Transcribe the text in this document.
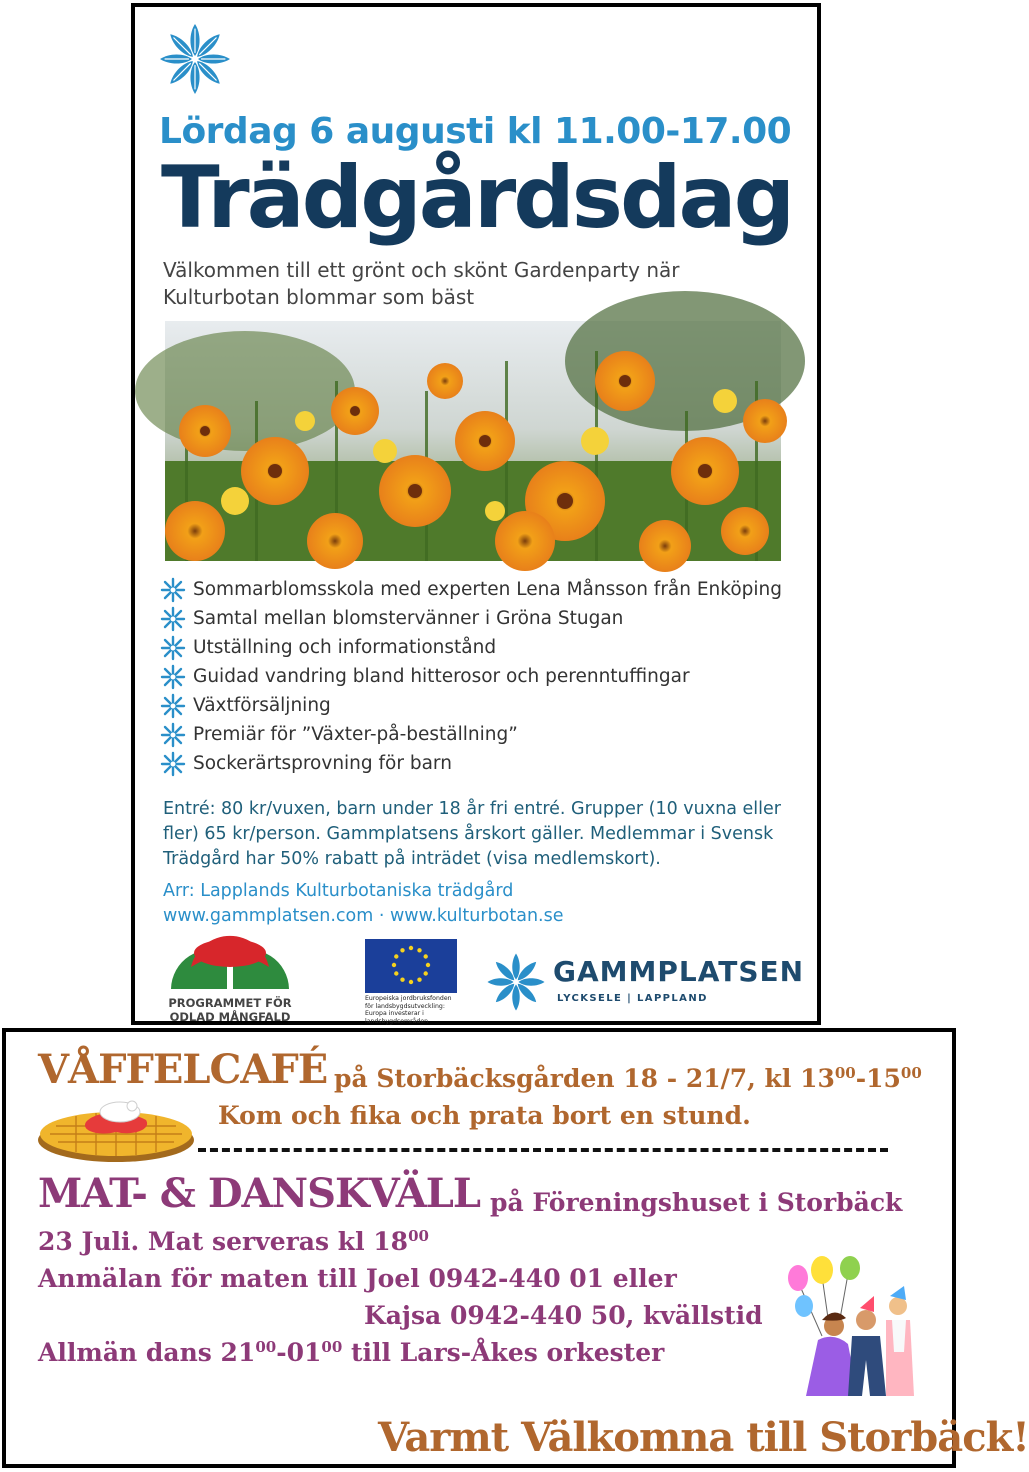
Lördag 6 augusti kl 11.00-17.00
Trädgårdsdag
Välkommen till ett grönt och skönt Gardenparty när Kulturbotan blommar som bäst
Sommarblomsskola med experten Lena Månsson från Enköping
Samtal mellan blomstervänner i Gröna Stugan
Utställning och informationstånd
Guidad vandring bland hitterosor och perenntuffingar
Växtförsäljning
Premiär för ”Växter-på-beställning”
Sockerärtsprovning för barn
Entré: 80 kr/vuxen, barn under 18 år fri entré. Grupper (10 vuxna eller fler) 65 kr/person. Gammplatsens årskort gäller. Medlemmar i Svensk Trädgård har 50% rabatt på inträdet (visa medlemskort).
Arr: Lapplands Kulturbotaniska trädgård
www.gammplatsen.com · www.kulturbotan.se
PROGRAMMET FÖR
ODLAD MÅNGFALD
Europeiska jordbruksfonden för landsbygdsutveckling: Europa investerar i landsbygdsområden
GAMMPLATSEN
LYCKSELE | LAPPLAND
VÅFFELCAFÉ på Storbäcksgården 18 - 21/7, kl $13^{00}-15^{00}$
Kom och fika och prata bort en stund.
MAT- & DANSKVÄLL på Föreningshuset i Storbäck
23 Juli. Mat serveras kl $18^{00}$
Anmälan för maten till Joel 0942-440 01 eller
Kajsa 0942-440 50, kvällstid
Allmän dans $21^{00}-01^{00}$ till Lars-Åkes orkester
Varmt Välkomna till Storbäck!
